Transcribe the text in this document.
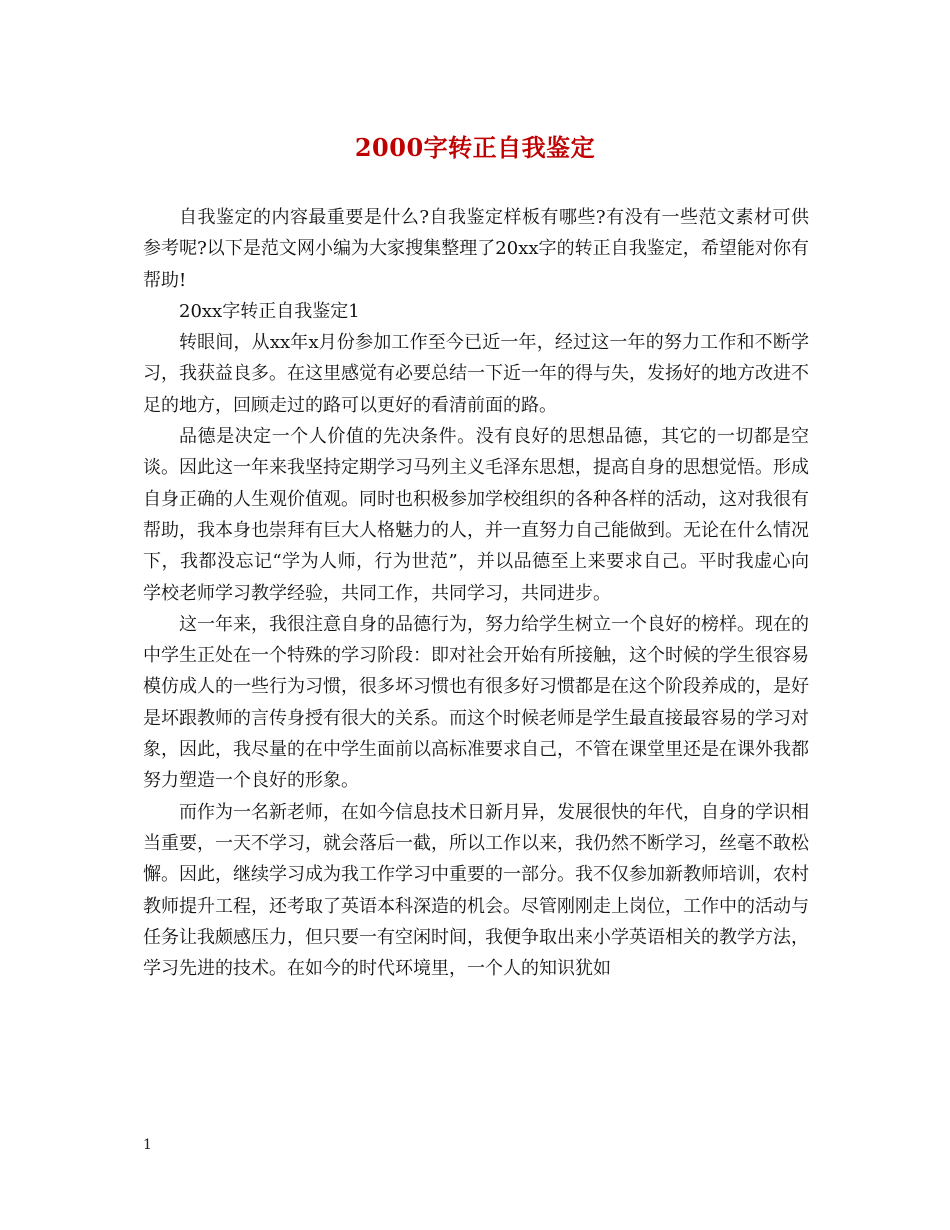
2000字转正自我鉴定

自我鉴定的内容最重要是什么?自我鉴定样板有哪些?有没有一些范文素材可供参考呢?以下是范文网小编为大家搜集整理了20xx字的转正自我鉴定，希望能对你有帮助!

20xx字转正自我鉴定1

转眼间，从xx年x月份参加工作至今已近一年，经过这一年的努力工作和不断学习，我获益良多。在这里感觉有必要总结一下近一年的得与失，发扬好的地方改进不足的地方，回顾走过的路可以更好的看清前面的路。

品德是决定一个人价值的先决条件。没有良好的思想品德，其它的一切都是空谈。因此这一年来我坚持定期学习马列主义毛泽东思想，提高自身的思想觉悟。形成自身正确的人生观价值观。同时也积极参加学校组织的各种各样的活动，这对我很有帮助，我本身也崇拜有巨大人格魅力的人，并一直努力自己能做到。无论在什么情况下，我都没忘记“学为人师，行为世范”，并以品德至上来要求自己。平时我虚心向学校老师学习教学经验，共同工作，共同学习，共同进步。

这一年来，我很注意自身的品德行为，努力给学生树立一个良好的榜样。现在的中学生正处在一个特殊的学习阶段：即对社会开始有所接触，这个时候的学生很容易模仿成人的一些行为习惯，很多坏习惯也有很多好习惯都是在这个阶段养成的，是好是坏跟教师的言传身授有很大的关系。而这个时候老师是学生最直接最容易的学习对象，因此，我尽量的在中学生面前以高标准要求自己，不管在课堂里还是在课外我都努力塑造一个良好的形象。

而作为一名新老师，在如今信息技术日新月异，发展很快的年代，自身的学识相当重要，一天不学习，就会落后一截，所以工作以来，我仍然不断学习，丝毫不敢松懈。因此，继续学习成为我工作学习中重要的一部分。我不仅参加新教师培训，农村教师提升工程，还考取了英语本科深造的机会。尽管刚刚走上岗位，工作中的活动与任务让我颇感压力，但只要一有空闲时间，我便争取出来小学英语相关的教学方法，学习先进的技术。在如今的时代环境里，一个人的知识犹如

1
